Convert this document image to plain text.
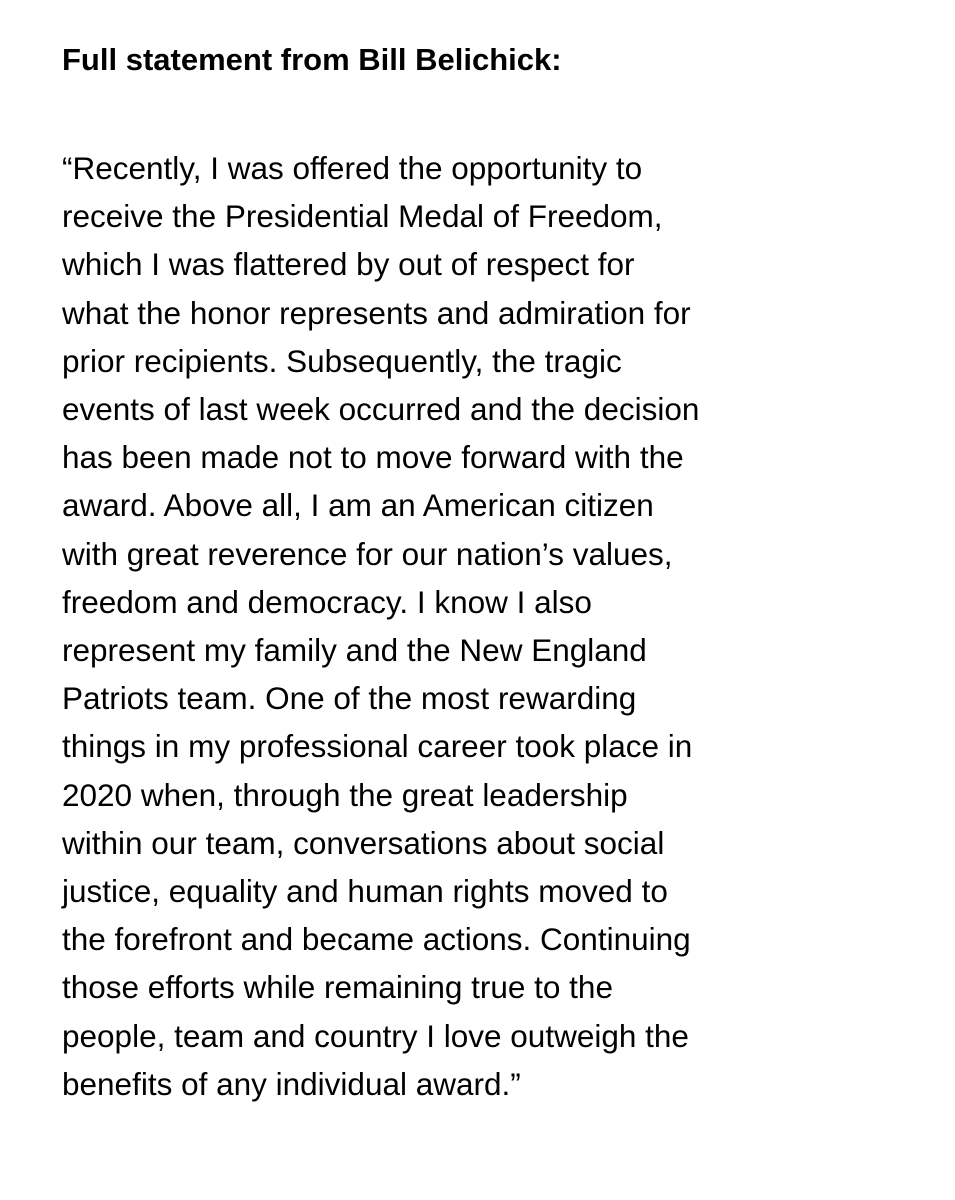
Full statement from Bill Belichick:

“Recently, I was offered the opportunity to
receive the Presidential Medal of Freedom,
which I was flattered by out of respect for
what the honor represents and admiration for
prior recipients. Subsequently, the tragic
events of last week occurred and the decision
has been made not to move forward with the
award. Above all, I am an American citizen
with great reverence for our nation’s values,
freedom and democracy. I know I also
represent my family and the New England
Patriots team. One of the most rewarding
things in my professional career took place in
2020 when, through the great leadership
within our team, conversations about social
justice, equality and human rights moved to
the forefront and became actions. Continuing
those efforts while remaining true to the
people, team and country I love outweigh the
benefits of any individual award.”
